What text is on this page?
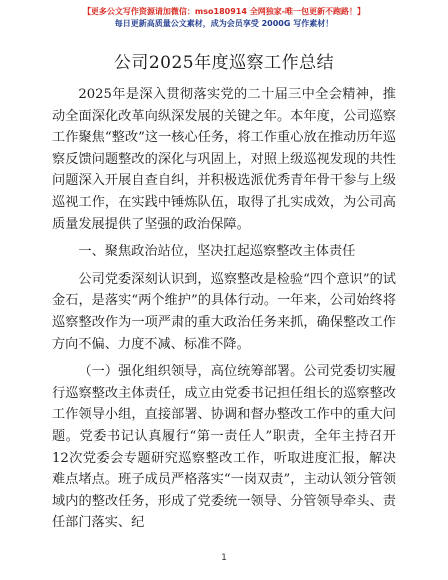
【更多公文写作资源请加微信：mso180914 全网独家-唯一包更新不跑路！】
每日更新高质量公文素材，成为会员享受 2000G 写作素材！
公司2025年度巡察工作总结

2025年是深入贯彻落实党的二十届三中全会精神，推动全面深化改革向纵深发展的关键之年。本年度，公司巡察工作聚焦“整改”这一核心任务，将工作重心放在推动历年巡察反馈问题整改的深化与巩固上，对照上级巡视发现的共性问题深入开展自查自纠，并积极选派优秀青年骨干参与上级巡视工作，在实践中锤炼队伍，取得了扎实成效，为公司高质量发展提供了坚强的政治保障。

一、聚焦政治站位，坚决扛起巡察整改主体责任

公司党委深刻认识到，巡察整改是检验“四个意识”的试金石，是落实“两个维护”的具体行动。一年来，公司始终将巡察整改作为一项严肃的重大政治任务来抓，确保整改工作方向不偏、力度不减、标准不降。

（一）强化组织领导，高位统筹部署。公司党委切实履行巡察整改主体责任，成立由党委书记担任组长的巡察整改工作领导小组，直接部署、协调和督办整改工作中的重大问题。党委书记认真履行“第一责任人”职责，全年主持召开12次党委会专题研究巡察整改工作，听取进度汇报，解决难点堵点。班子成员严格落实“一岗双责”，主动认领分管领域内的整改任务，形成了党委统一领导、分管领导牵头、责任部门落实、纪

1
